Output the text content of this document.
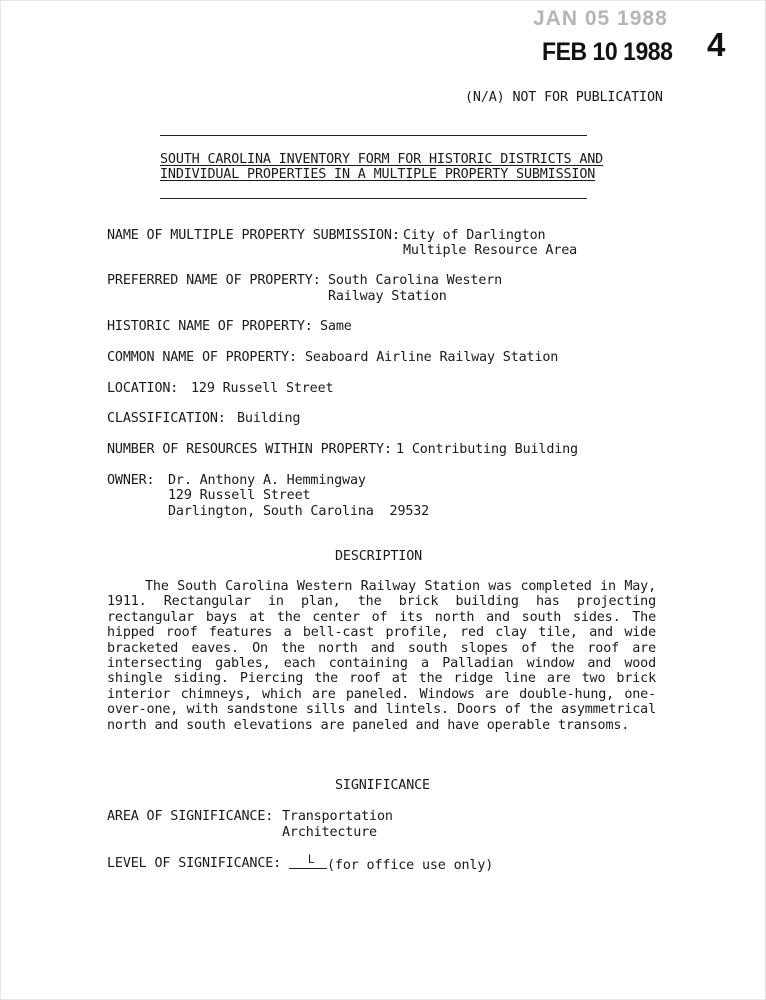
JAN 05 1988
FEB 10 1988 4
(N/A) NOT FOR PUBLICATION
SOUTH CAROLINA INVENTORY FORM FOR HISTORIC DISTRICTS AND
INDIVIDUAL PROPERTIES IN A MULTIPLE PROPERTY SUBMISSION
NAME OF MULTIPLE PROPERTY SUBMISSION: City of Darlington
Multiple Resource Area
PREFERRED NAME OF PROPERTY: South Carolina Western
Railway Station
HISTORIC NAME OF PROPERTY: Same
COMMON NAME OF PROPERTY: Seaboard Airline Railway Station
LOCATION: 129 Russell Street
CLASSIFICATION: Building
NUMBER OF RESOURCES WITHIN PROPERTY: 1 Contributing Building
OWNER: Dr. Anthony A. Hemmingway
129 Russell Street
Darlington, South Carolina  29532
DESCRIPTION
The South Carolina Western Railway Station was completed in May, 1911. Rectangular in plan, the brick building has projecting rectangular bays at the center of its north and south sides. The hipped roof features a bell-cast profile, red clay tile, and wide bracketed eaves. On the north and south slopes of the roof are intersecting gables, each containing a Palladian window and wood shingle siding. Piercing the roof at the ridge line are two brick interior chimneys, which are paneled. Windows are double-hung, one-over-one, with sandstone sills and lintels. Doors of the asymmetrical north and south elevations are paneled and have operable transoms.
SIGNIFICANCE
AREA OF SIGNIFICANCE: Transportation
Architecture
LEVEL OF SIGNIFICANCE: L (for office use only)
